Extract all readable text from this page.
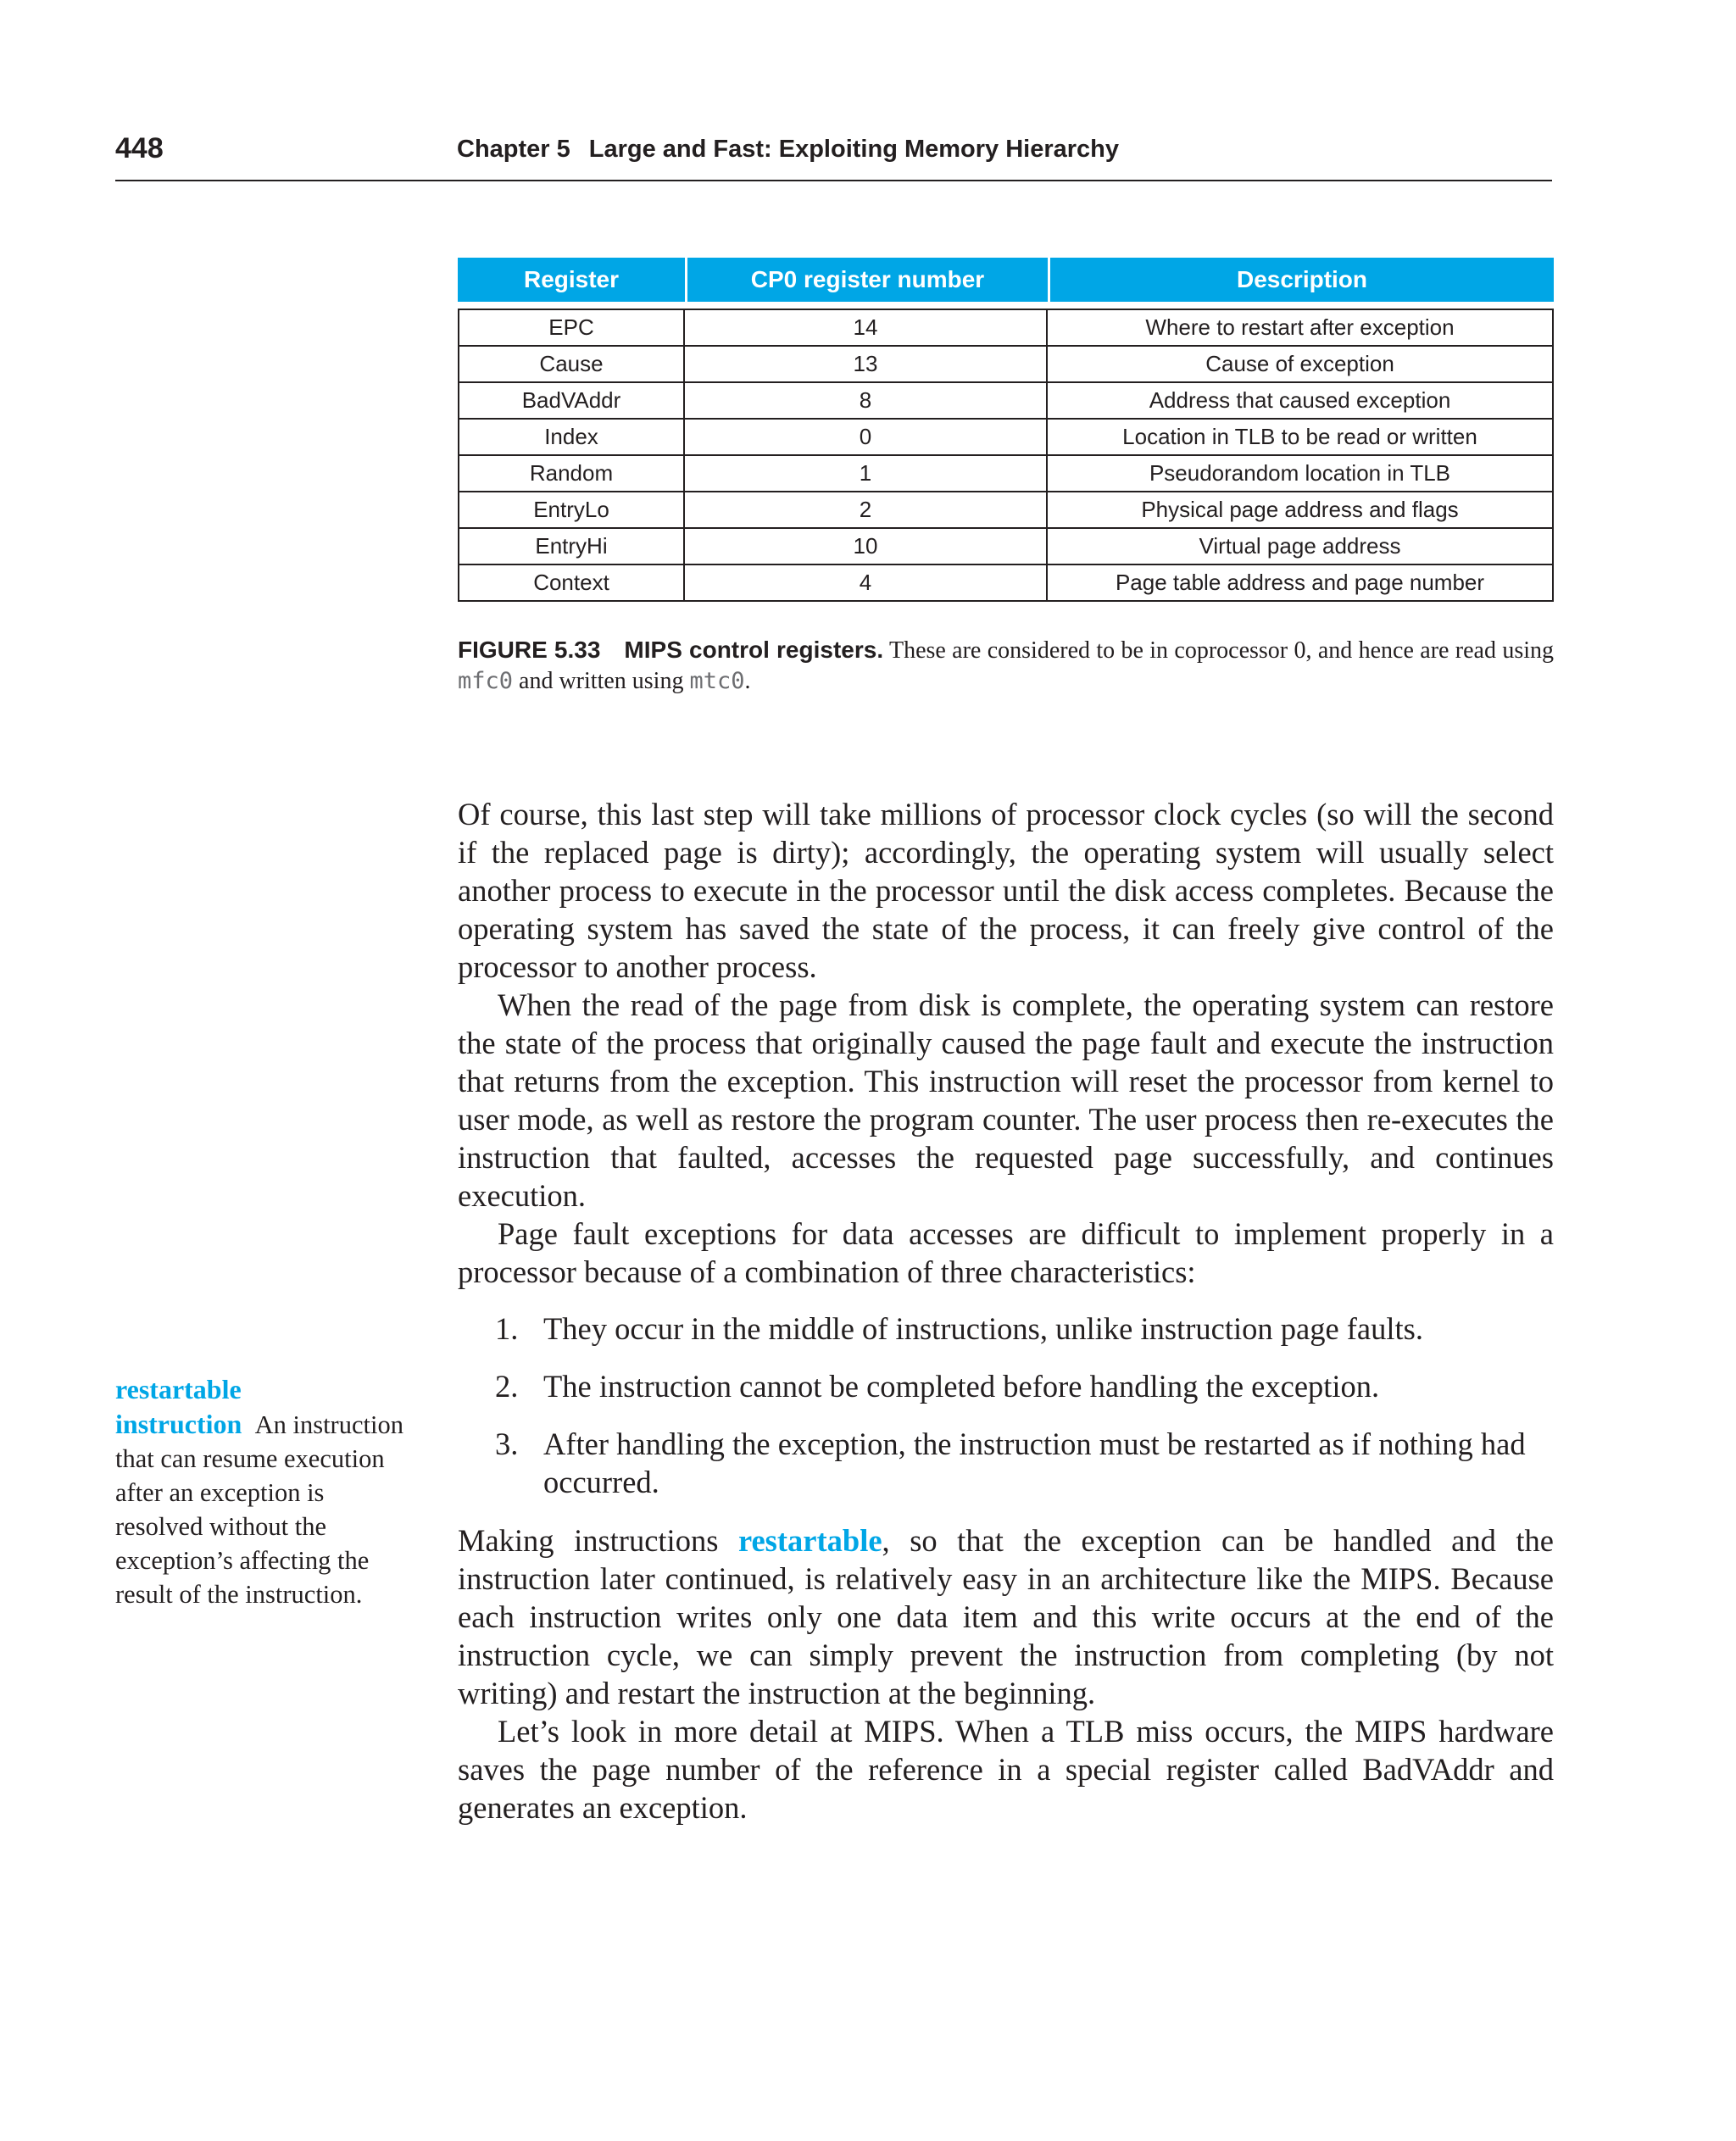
448	Chapter 5 Large and Fast: Exploiting Memory Hierarchy
Register	CP0 register number	Description

EPC	14	Where to restart after exception
Cause	13	Cause of exception
BadVAddr	8	Address that caused exception
Index	0	Location in TLB to be read or written
Random	1	Pseudorandom location in TLB
EntryLo	2	Physical page address and flags
EntryHi	10	Virtual page address
Context	4	Page table address and page number
FIGURE 5.33 MIPS control registers. These are considered to be in coprocessor 0, and hence are read using mfc0 and written using mtc0.

Of course, this last step will take millions of processor clock cycles (so will the second if the replaced page is dirty); accordingly, the operating system will usually select another process to execute in the processor until the disk access completes. Because the operating system has saved the state of the process, it can freely give control of the processor to another process.

When the read of the page from disk is complete, the operating system can restore the state of the process that originally caused the page fault and execute the instruction that returns from the exception. This instruction will reset the processor from kernel to user mode, as well as restore the program counter. The user process then re-executes the instruction that faulted, accesses the requested page successfully, and continues execution.

Page fault exceptions for data accesses are difficult to implement properly in a processor because of a combination of three characteristics:

1. They occur in the middle of instructions, unlike instruction page faults.
2. The instruction cannot be completed before handling the exception.
3. After handling the exception, the instruction must be restarted as if nothing had occurred.

Making instructions restartable, so that the exception can be handled and the instruction later continued, is relatively easy in an architecture like the MIPS. Because each instruction writes only one data item and this write occurs at the end of the instruction cycle, we can simply prevent the instruction from completing (by not writing) and restart the instruction at the beginning.

Let’s look in more detail at MIPS. When a TLB miss occurs, the MIPS hardware saves the page number of the reference in a special register called BadVAddr and generates an exception.

restartable instruction An instruction that can resume execution after an exception is resolved without the exception’s affecting the result of the instruction.
